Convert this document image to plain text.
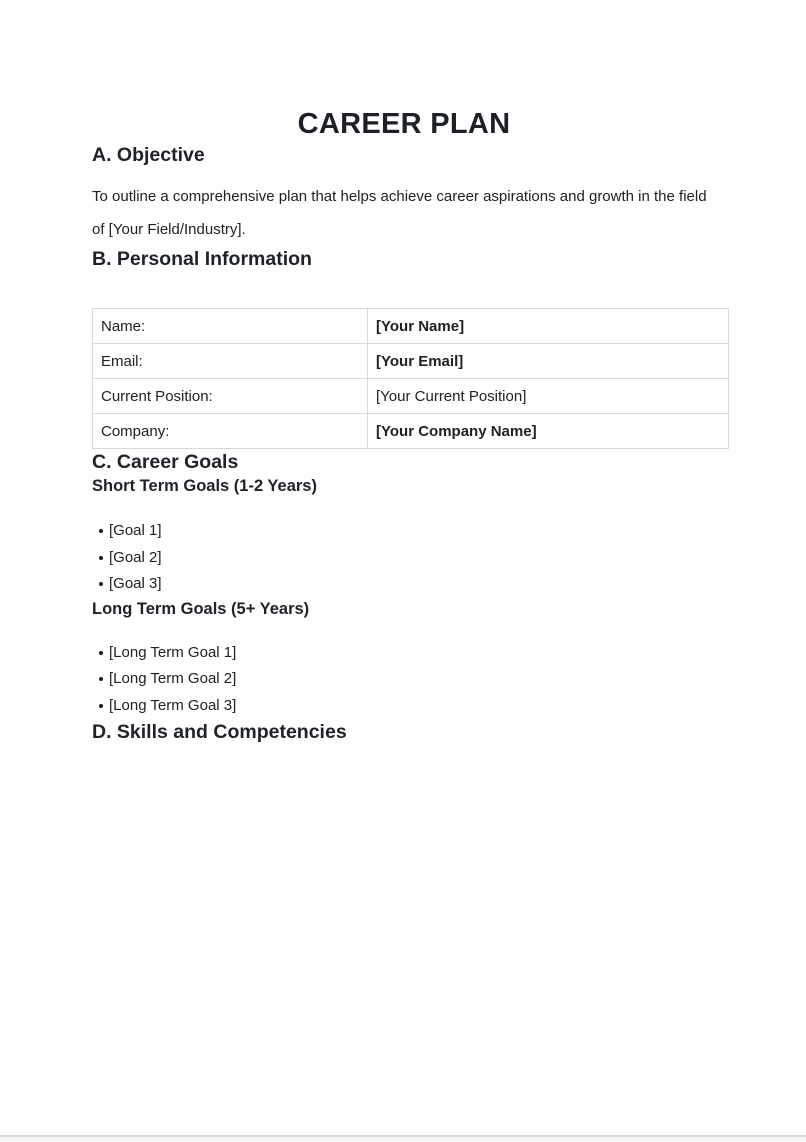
CAREER PLAN
A. Objective

To outline a comprehensive plan that helps achieve career aspirations and growth in the field of [Your Field/Industry].

B. Personal Information
Name:	[Your Name]
Email:	[Your Email]
Current Position:	[Your Current Position]
Company:	[Your Company Name]
C. Career Goals
Short Term Goals (1-2 Years)
[Goal 1]
[Goal 2]
[Goal 3]
Long Term Goals (5+ Years)
[Long Term Goal 1]
[Long Term Goal 2]
[Long Term Goal 3]
D. Skills and Competencies
